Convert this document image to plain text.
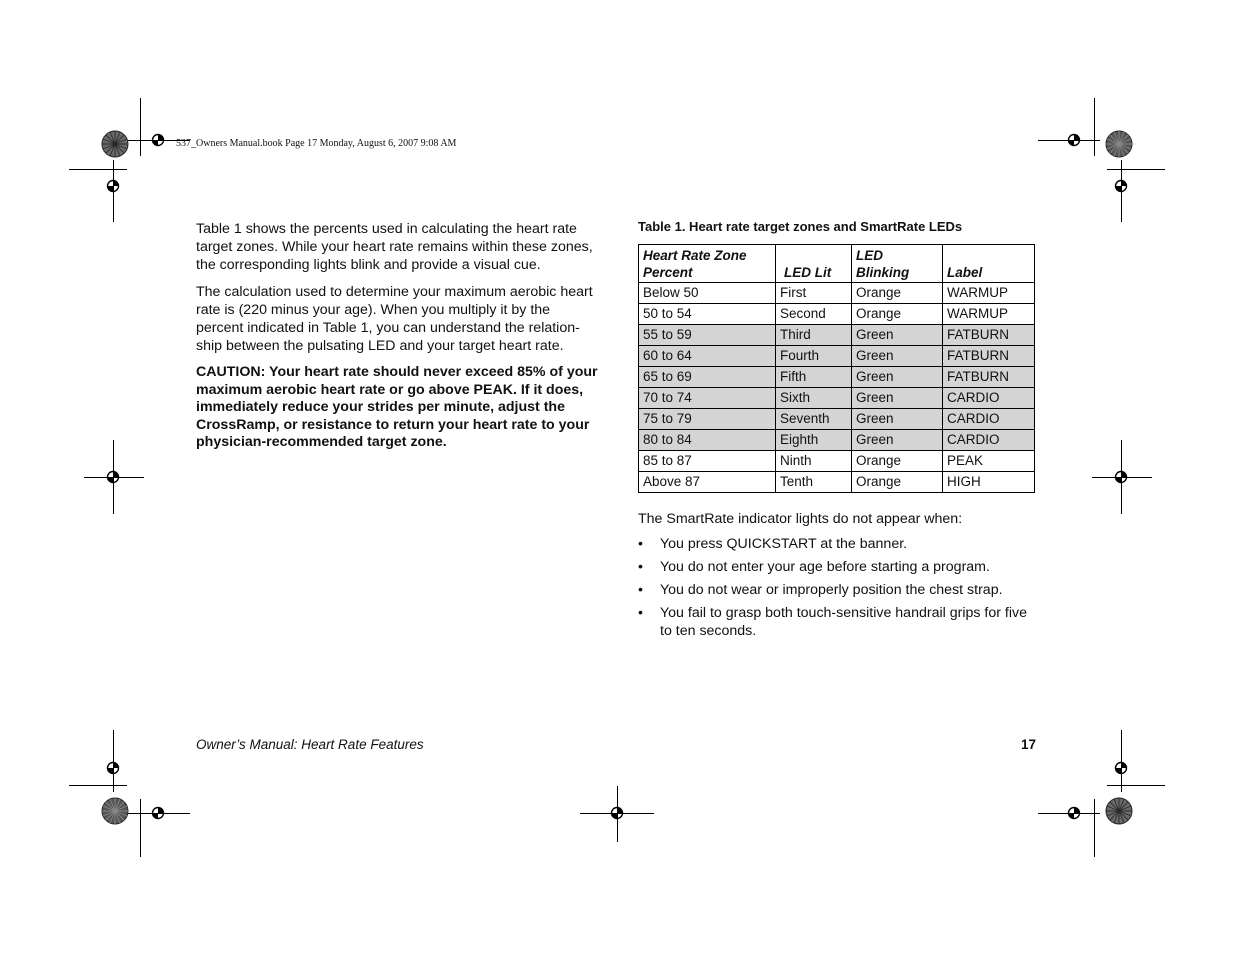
537_Owners Manual.book Page 17 Monday, August 6, 2007 9:08 AM

Table 1 shows the percents used in calculating the heart rate target zones. While your heart rate remains within these zones, the corresponding lights blink and provide a visual cue.

The calculation used to determine your maximum aerobic heart rate is (220 minus your age). When you multiply it by the percent indicated in Table 1, you can understand the relation-ship between the pulsating LED and your target heart rate.

CAUTION: Your heart rate should never exceed 85% of your maximum aerobic heart rate or go above PEAK. If it does, immediately reduce your strides per minute, adjust the CrossRamp, or resistance to return your heart rate to your physician-recommended target zone.

Table 1. Heart rate target zones and SmartRate LEDs

Heart Rate Zone Percent	LED Lit	LED Blinking	Label
Below 50	First	Orange	WARMUP
50 to 54	Second	Orange	WARMUP
55 to 59	Third	Green	FATBURN
60 to 64	Fourth	Green	FATBURN
65 to 69	Fifth	Green	FATBURN
70 to 74	Sixth	Green	CARDIO
75 to 79	Seventh	Green	CARDIO
80 to 84	Eighth	Green	CARDIO
85 to 87	Ninth	Orange	PEAK
Above 87	Tenth	Orange	HIGH

The SmartRate indicator lights do not appear when:

• You press QUICKSTART at the banner.
• You do not enter your age before starting a program.
• You do not wear or improperly position the chest strap.
• You fail to grasp both touch-sensitive handrail grips for five to ten seconds.
Owner’s Manual: Heart Rate Features	17
